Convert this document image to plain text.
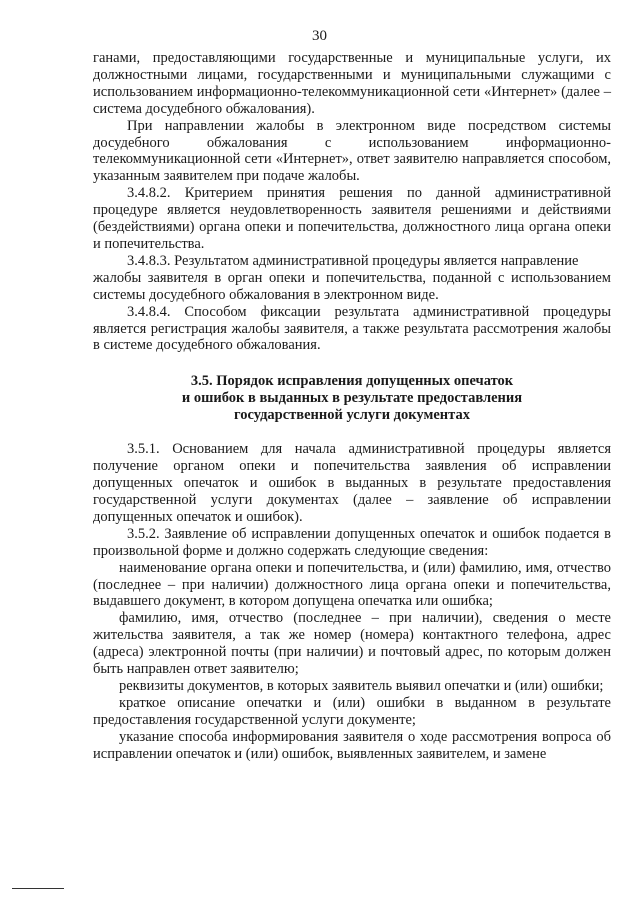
30

ганами, предоставляющими государственные и муниципальные услуги, их должностными лицами, государственными и муниципальными служащими с использованием информационно-телекоммуникационной сети «Интернет» (далее – система досудебного обжалования).

При направлении жалобы в электронном виде посредством системы досудебного обжалования с использованием информационно-телекоммуникационной сети «Интернет», ответ заявителю направляется способом, указанным заявителем при подаче жалобы.

3.4.8.2. Критерием принятия решения по данной административной процедуре является неудовлетворенность заявителя решениями и действиями (бездействиями) органа опеки и попечительства, должностного лица органа опеки и попечительства.

3.4.8.3. Результатом административной процедуры является направление

жалобы заявителя в орган опеки и попечительства, поданной с использованием системы досудебного обжалования в электронном виде.

3.4.8.4. Способом фиксации результата административной процедуры является регистрация жалобы заявителя, а также результата рассмотрения жалобы в системе досудебного обжалования.

3.5. Порядок исправления допущенных опечаток
и ошибок в выданных в результате предоставления
государственной услуги документах

3.5.1. Основанием для начала административной процедуры является получение органом опеки и попечительства заявления об исправлении допущенных опечаток и ошибок в выданных в результате предоставления государственной услуги документах (далее – заявление об исправлении допущенных опечаток и ошибок).

3.5.2. Заявление об исправлении допущенных опечаток и ошибок подается в произвольной форме и должно содержать следующие сведения:

наименование органа опеки и попечительства, и (или) фамилию, имя, отчество (последнее – при наличии) должностного лица органа опеки и попечительства, выдавшего документ, в котором допущена опечатка или ошибка;

фамилию, имя, отчество (последнее – при наличии), сведения о месте жительства заявителя, а так же номер (номера) контактного телефона, адрес (адреса) электронной почты (при наличии) и почтовый адрес, по которым должен быть направлен ответ заявителю;

реквизиты документов, в которых заявитель выявил опечатки и (или) ошибки;

краткое описание опечатки и (или) ошибки в выданном в результате предоставления государственной услуги документе;

указание способа информирования заявителя о ходе рассмотрения вопроса об исправлении опечаток и (или) ошибок, выявленных заявителем, и замене
